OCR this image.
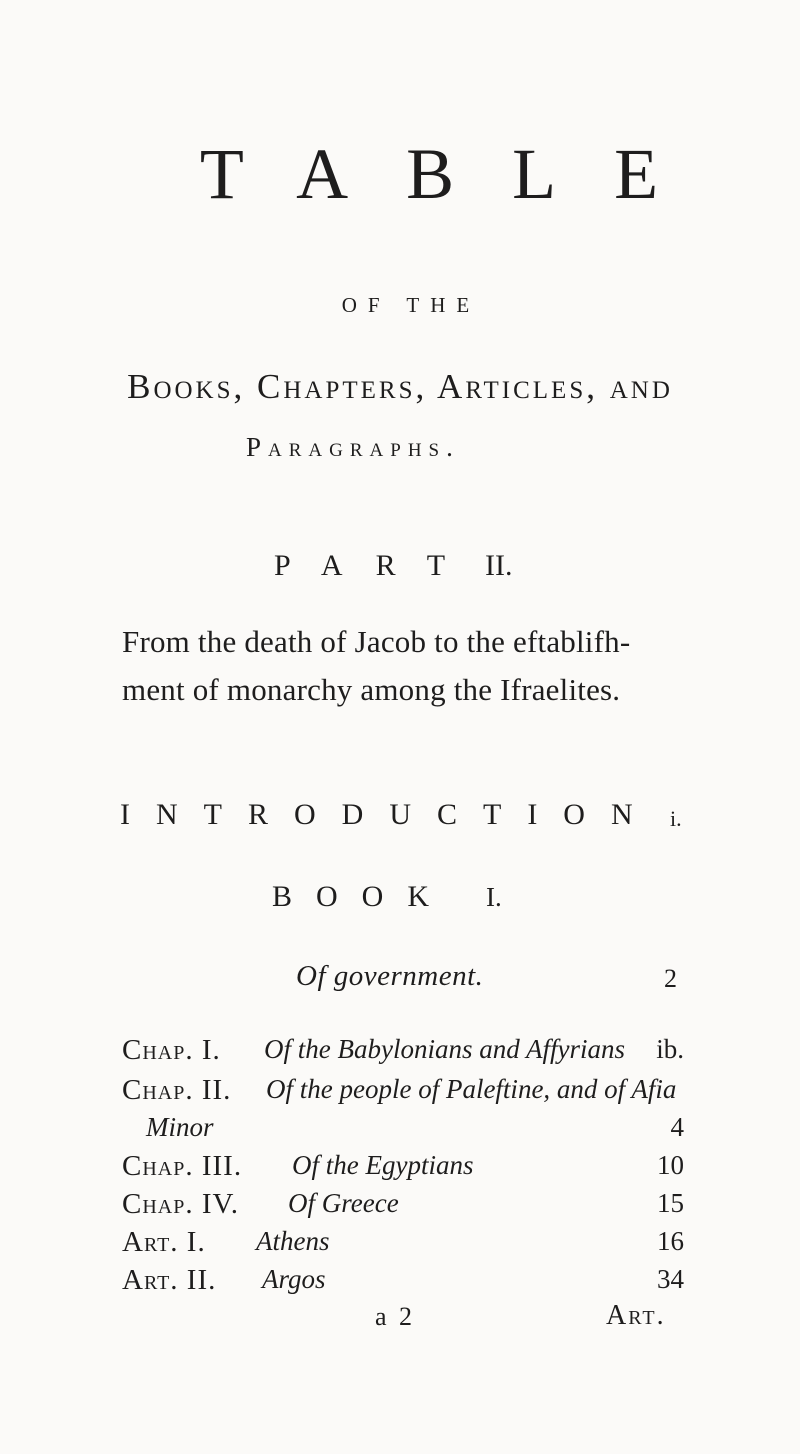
TABLE
OF THE
Books, Chapters, Articles, and
Paragraphs.
PART II.
From the death of Jacob to the eftablifh-
ment of monarchy among the Ifraelites.
INTRODUCTION i.
BOOK I.
Of government.	2
Chap. I. Of the Babylonians and Affyrians	ib.
Chap. II. Of the people of Paleftine, and of Afia
Minor	4
Chap. III. Of the Egyptians	10
Chap. IV. Of Greece	15
Art. I. Athens	16
Art. II. Argos	34
a 2	Art.
